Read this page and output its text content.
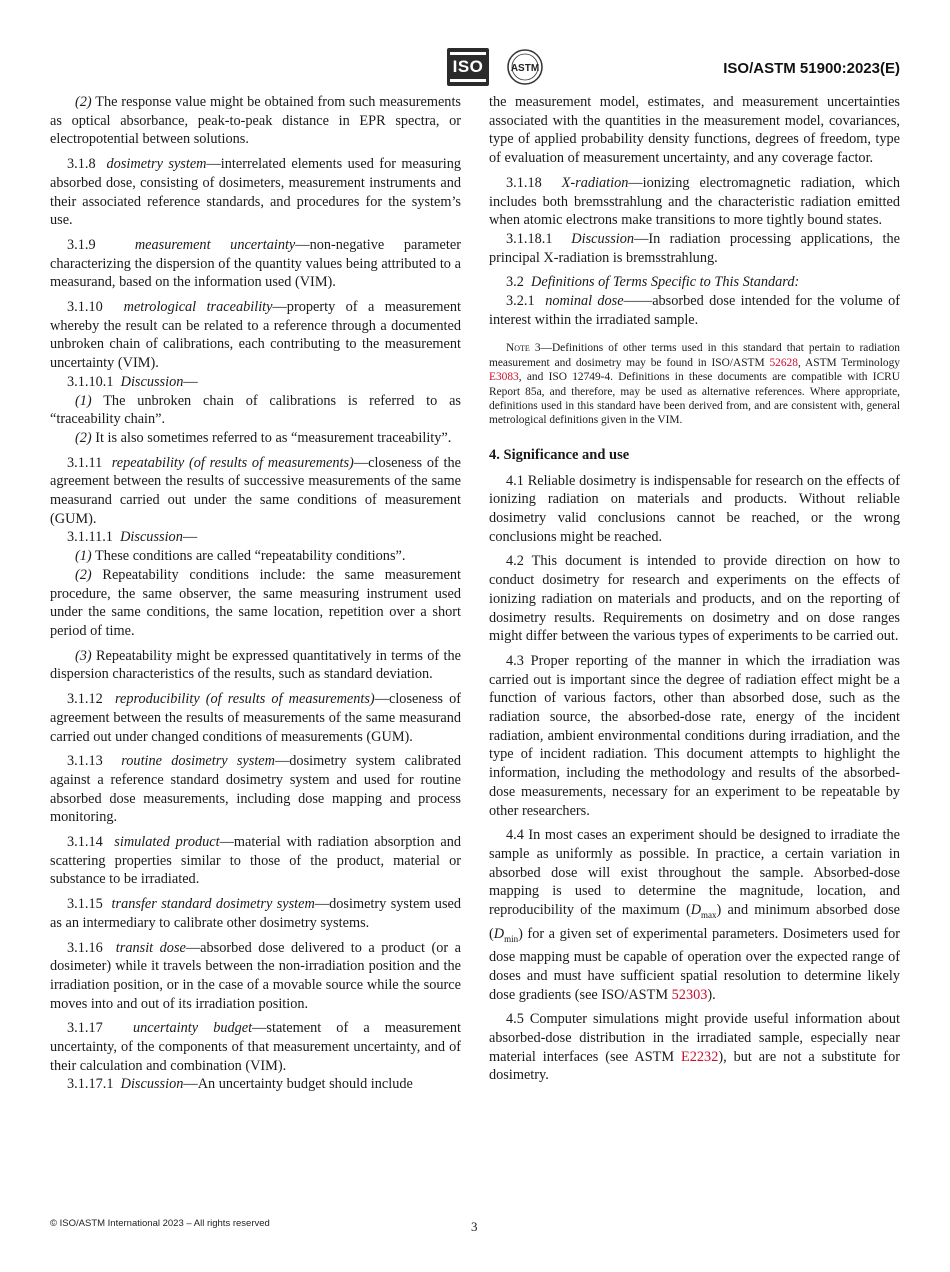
ISO	ASTM	ISO/ASTM 51900:2023(E)

(2) The response value might be obtained from such measurements as optical absorbance, peak-to-peak distance in EPR spectra, or electropotential between solutions.

3.1.8 dosimetry system—interrelated elements used for measuring absorbed dose, consisting of dosimeters, measurement instruments and their associated reference standards, and procedures for the system’s use.

3.1.9	measurement uncertainty—non-negative parameter characterizing the dispersion of the quantity values being attributed to a measurand, based on the information used (VIM).

3.1.10 metrological traceability—property of a measurement whereby the result can be related to a reference through a documented unbroken chain of calibrations, each contributing to the measurement uncertainty (VIM).

3.1.10.1 Discussion—

(1) The unbroken chain of calibrations is referred to as “traceability chain”.

(2) It is also sometimes referred to as “measurement traceability”.

3.1.11 repeatability (of results of measurements)—closeness of the agreement between the results of successive measurements of the same measurand carried out under the same conditions of measurement (GUM).

3.1.11.1 Discussion—

(1) These conditions are called “repeatability conditions”.

(2) Repeatability conditions include: the same measurement procedure, the same observer, the same measuring instrument used under the same conditions, the same location, repetition over a short period of time.

(3) Repeatability might be expressed quantitatively in terms of the dispersion characteristics of the results, such as standard deviation.

3.1.12 reproducibility (of results of measurements)—closeness of agreement between the results of measurements of the same measurand carried out under changed conditions of measurements (GUM).

3.1.13 routine dosimetry system—dosimetry system calibrated against a reference standard dosimetry system and used for routine absorbed dose measurements, including dose mapping and process monitoring.

3.1.14 simulated product—material with radiation absorption and scattering properties similar to those of the product, material or substance to be irradiated.

3.1.15 transfer standard dosimetry system—dosimetry system used as an intermediary to calibrate other dosimetry systems.

3.1.16 transit dose—absorbed dose delivered to a product (or a dosimeter) while it travels between the non-irradiation position and the irradiation position, or in the case of a movable source while the source moves into and out of its irradiation position.

3.1.17 uncertainty budget—statement of a measurement uncertainty, of the components of that measurement uncertainty, and of their calculation and combination (VIM).

3.1.17.1 Discussion—An uncertainty budget should include

the measurement model, estimates, and measurement uncertainties associated with the quantities in the measurement model, covariances, type of applied probability density functions, degrees of freedom, type of evaluation of measurement uncertainty, and any coverage factor.

3.1.18 X-radiation—ionizing electromagnetic radiation, which includes both bremsstrahlung and the characteristic radiation emitted when atomic electrons make transitions to more tightly bound states.

3.1.18.1 Discussion—In radiation processing applications, the principal X-radiation is bremsstrahlung.

3.2 Definitions of Terms Specific to This Standard:

3.2.1 nominal dose——absorbed dose intended for the volume of interest within the irradiated sample.

Note 3—Definitions of other terms used in this standard that pertain to radiation measurement and dosimetry may be found in ISO/ASTM 52628, ASTM Terminology E3083, and ISO 12749-4. Definitions in these documents are compatible with ICRU Report 85a, and therefore, may be used as alternative references. Where appropriate, definitions used in this standard have been derived from, and are consistent with, general metrological definitions given in the VIM.
4. Significance and use

4.1 Reliable dosimetry is indispensable for research on the effects of ionizing radiation on materials and products. Without reliable dosimetry valid conclusions cannot be reached, or the wrong conclusions might be reached.

4.2 This document is intended to provide direction on how to conduct dosimetry for research and experiments on the effects of ionizing radiation on materials and products, and on the reporting of dosimetry results. Requirements on dosimetry and on dose ranges might differ between the various types of experiments to be carried out.

4.3 Proper reporting of the manner in which the irradiation was carried out is important since the degree of radiation effect might be a function of various factors, other than absorbed dose, such as the radiation source, the absorbed-dose rate, energy of the incident radiation, ambient environmental conditions during irradiation, and the type of incident radiation. This document attempts to highlight the information, including the methodology and results of the absorbed-dose measurements, necessary for an experiment to be repeatable by other researchers.

4.4 In most cases an experiment should be designed to irradiate the sample as uniformly as possible. In practice, a certain variation in absorbed dose will exist throughout the sample. Absorbed-dose mapping is used to determine the magnitude, location, and reproducibility of the maximum $(D_{max})$ and minimum absorbed dose $(D_{min})$ for a given set of experimental parameters. Dosimeters used for dose mapping must be capable of operation over the expected range of doses and must have sufficient spatial resolution to determine likely dose gradients (see ISO/ASTM 52303).

4.5 Computer simulations might provide useful information about absorbed-dose distribution in the irradiated sample, especially near material interfaces (see ASTM E2232), but are not a substitute for dosimetry.

© ISO/ASTM International 2023 – All rights reserved	3
